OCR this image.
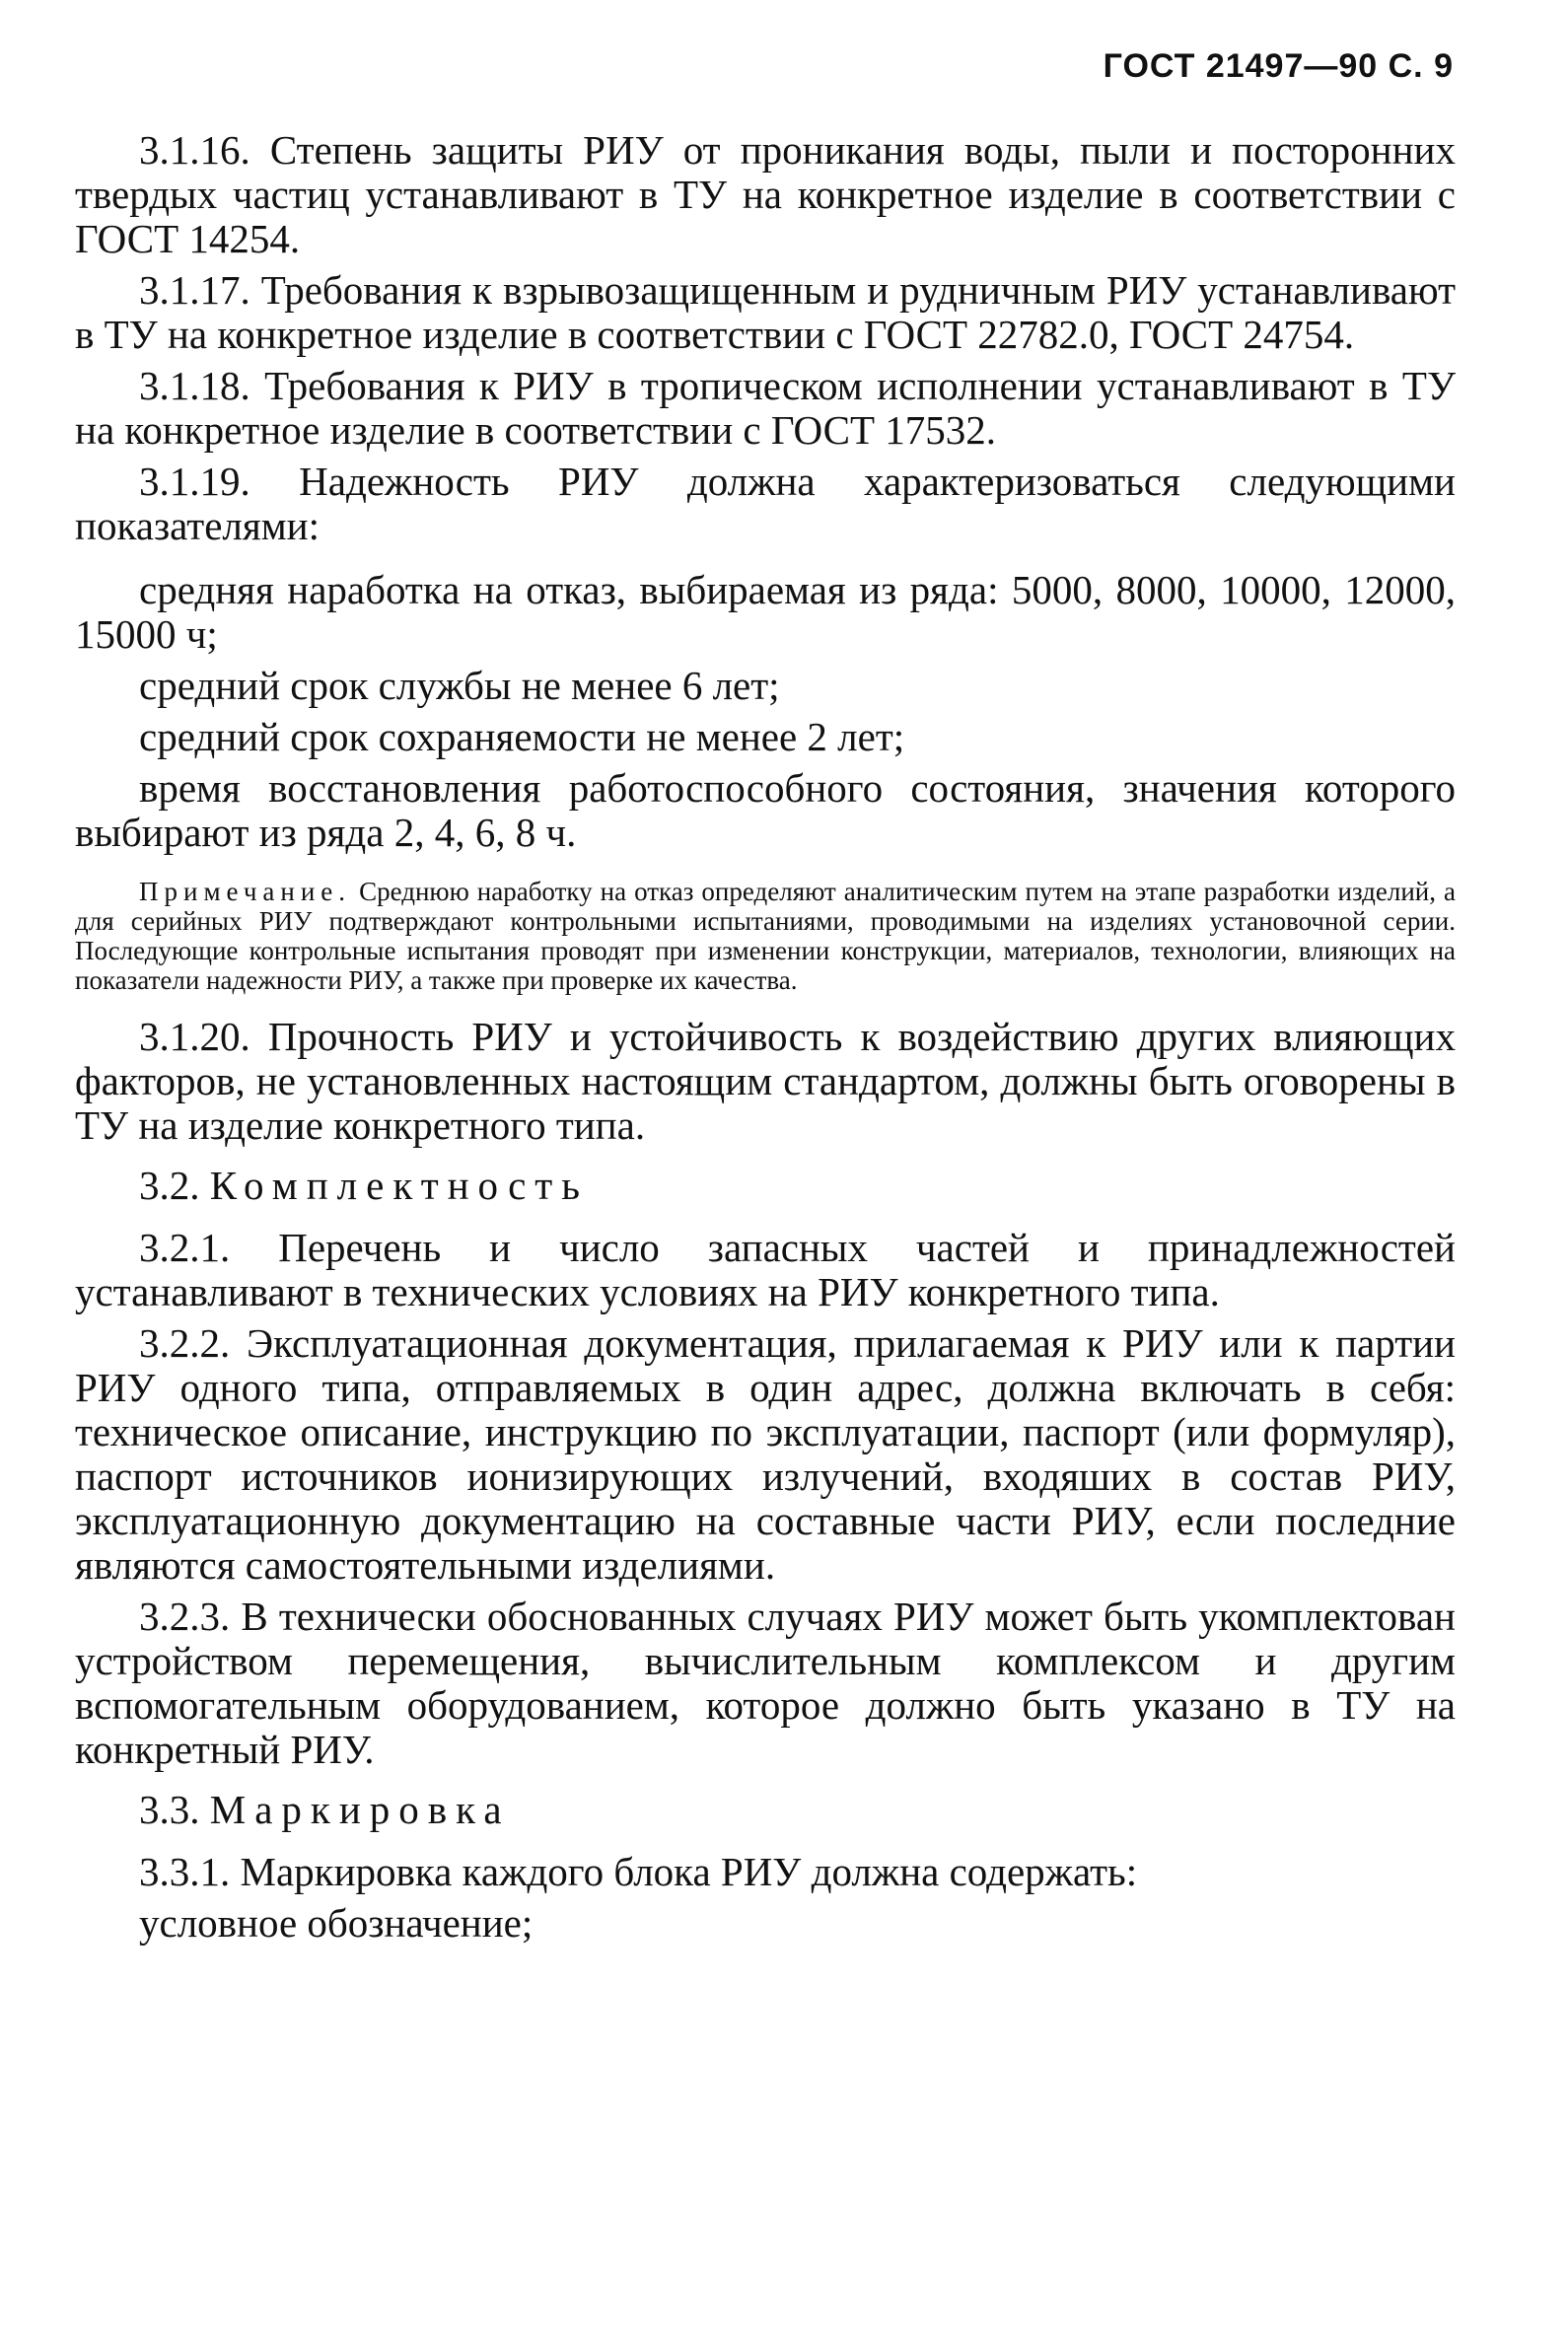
ГОСТ 21497—90 С. 9

3.1.16. Степень защиты РИУ от проникания воды, пыли и посторонних твердых частиц устанавливают в ТУ на конкретное изделие в соответствии с ГОСТ 14254.

3.1.17. Требования к взрывозащищенным и рудничным РИУ устанавливают в ТУ на конкретное изделие в соответствии с ГОСТ 22782.0, ГОСТ 24754.

3.1.18. Требования к РИУ в тропическом исполнении устанавливают в ТУ на конкретное изделие в соответствии с ГОСТ 17532.

3.1.19. Надежность РИУ должна характеризоваться следующими показателями:

средняя наработка на отказ, выбираемая из ряда: 5000, 8000, 10000, 12000, 15000 ч;

средний срок службы не менее 6 лет;

средний срок сохраняемости не менее 2 лет;

время восстановления работоспособного состояния, значения которого выбирают из ряда 2, 4, 6, 8 ч.

Примечание. Среднюю наработку на отказ определяют аналитическим путем на этапе разработки изделий, а для серийных РИУ подтверждают контрольными испытаниями, проводимыми на изделиях установочной серии. Последующие контрольные испытания проводят при изменении конструкции, материалов, технологии, влияющих на показатели надежности РИУ, а также при проверке их качества.

3.1.20. Прочность РИУ и устойчивость к воздействию других влияющих факторов, не установленных настоящим стандартом, должны быть оговорены в ТУ на изделие конкретного типа.

3.2. Комплектность

3.2.1. Перечень и число запасных частей и принадлежностей устанавливают в технических условиях на РИУ конкретного типа.

3.2.2. Эксплуатационная документация, прилагаемая к РИУ или к партии РИУ одного типа, отправляемых в один адрес, должна включать в себя: техническое описание, инструкцию по эксплуатации, паспорт (или формуляр), паспорт источников ионизирующих излучений, входяших в состав РИУ, эксплуатационную документацию на составные части РИУ, если последние являются самостоятельными изделиями.

3.2.3. В технически обоснованных случаях РИУ может быть укомплектован устройством перемещения, вычислительным комплексом и другим вспомогательным оборудованием, которое должно быть указано в ТУ на конкретный РИУ.

3.3. Маркировка

3.3.1. Маркировка каждого блока РИУ должна содержать:

условное обозначение;
